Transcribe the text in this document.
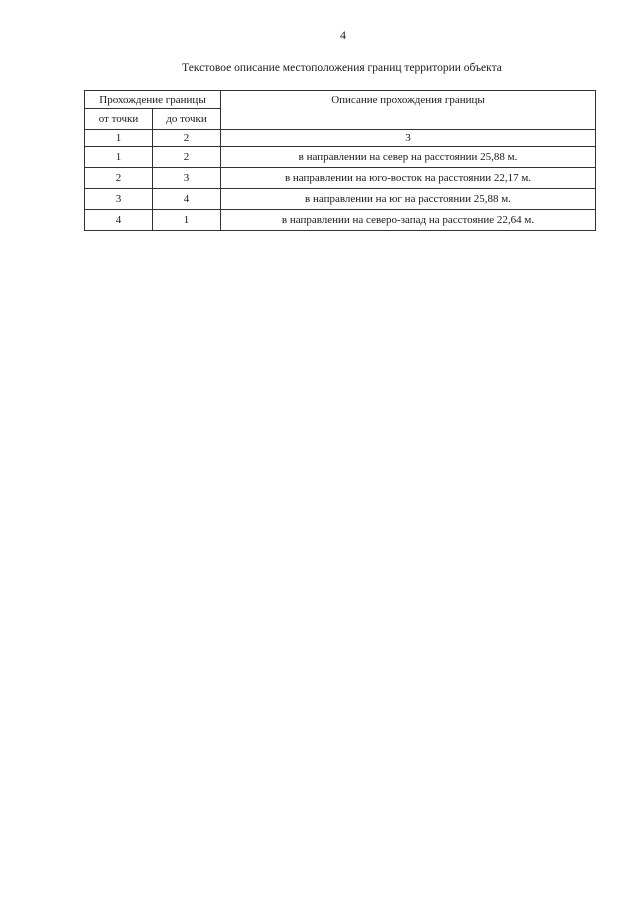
4
Текстовое описание местоположения границ территории объекта
Прохождение границы		Описание прохождения границы
от точки	до точки	
1	2	3
1	2	в направлении на север на расстоянии 25,88 м.
2	3	в направлении на юго-восток на расстоянии 22,17 м.
3	4	в направлении на юг на расстоянии 25,88 м.
4	1	в направлении на северо-запад на расстояние 22,64 м.
